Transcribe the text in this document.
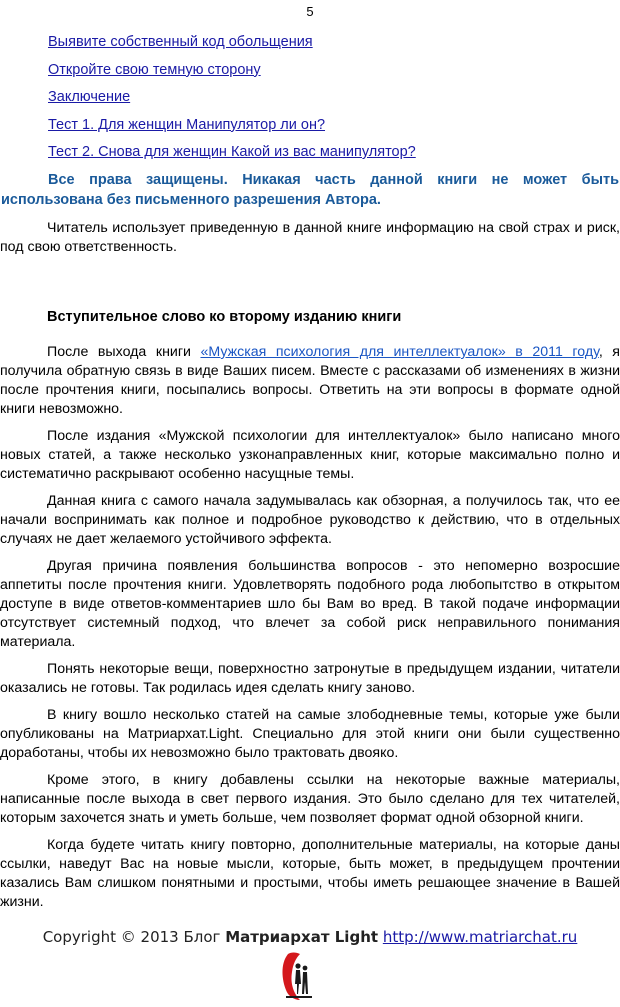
5
Выявите собственный код обольщения
Откройте свою темную сторону
Заключение
Тест 1. Для женщин Манипулятор ли он?
Тест 2. Снова для женщин Какой из вас манипулятор?

Все права защищены. Никакая часть данной книги не может быть использована без письменного разрешения Автора.

Читатель использует приведенную в данной книге информацию на свой страх и риск, под свою ответственность.

Вступительное слово ко второму изданию книги

После выхода книги «Мужская психология для интеллектуалок» в 2011 году, я получила обратную связь в виде Ваших писем. Вместе с рассказами об изменениях в жизни после прочтения книги, посыпались вопросы. Ответить на эти вопросы в формате одной книги невозможно.

После издания «Мужской психологии для интеллектуалок» было написано много новых статей, а также несколько узконаправленных книг, которые максимально полно и систематично раскрывают особенно насущные темы.

Данная книга с самого начала задумывалась как обзорная, а получилось так, что ее начали воспринимать как полное и подробное руководство к действию, что в отдельных случаях не дает желаемого устойчивого эффекта.

Другая причина появления большинства вопросов - это непомерно возросшие аппетиты после прочтения книги. Удовлетворять подобного рода любопытство в открытом доступе в виде ответов-комментариев шло бы Вам во вред. В такой подаче информации отсутствует системный подход, что влечет за собой риск неправильного понимания материала.

Понять некоторые вещи, поверхностно затронутые в предыдущем издании, читатели оказались не готовы. Так родилась идея сделать книгу заново.

В книгу вошло несколько статей на самые злободневные темы, которые уже были опубликованы на Матриархат.Light. Специально для этой книги они были существенно доработаны, чтобы их невозможно было трактовать двояко.

Кроме этого, в книгу добавлены ссылки на некоторые важные материалы, написанные после выхода в свет первого издания. Это было сделано для тех читателей, которым захочется знать и уметь больше, чем позволяет формат одной обзорной книги.

Когда будете читать книгу повторно, дополнительные материалы, на которые даны ссылки, наведут Вас на новые мысли, которые, быть может, в предыдущем прочтении казались Вам слишком понятными и простыми, чтобы иметь решающее значение в Вашей жизни.

Copyright © 2013 Блог Матриархат Light http://www.matriarchat.ru
